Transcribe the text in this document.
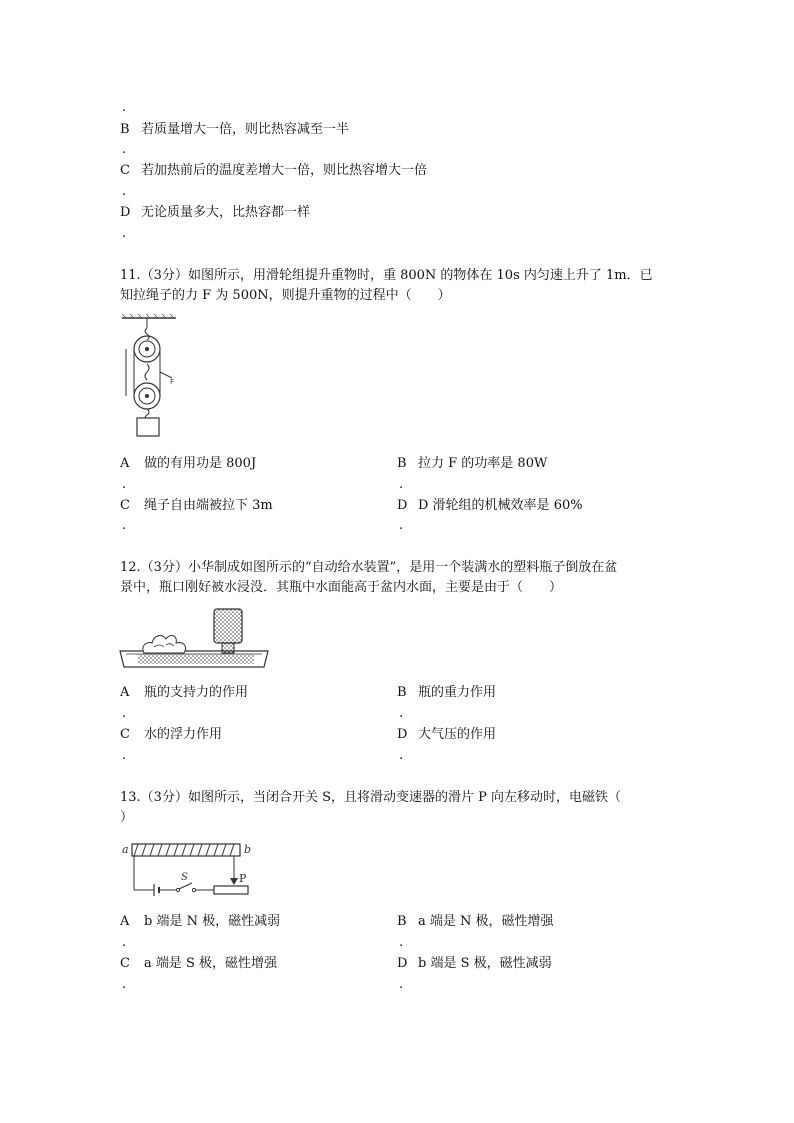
.
B 若质量增大一倍，则比热容减至一半
.
C 若加热前后的温度差增大一倍，则比热容增大一倍
.
D 无论质量多大，比热容都一样
.
11.（3分）如图所示，用滑轮组提升重物时，重 800N 的物体在 10s 内匀速上升了 1m．已
知拉绳子的力 F 为 500N，则提升重物的过程中（　　）
F
A 做的有用功是 800J	B 拉力 F 的功率是 80W
.	.
C 绳子自由端被拉下 3m	D D 滑轮组的机械效率是 60%
.	.
12.（3分）小华制成如图所示的“自动给水装置”，是用一个装满水的塑料瓶子倒放在盆
景中，瓶口刚好被水浸没．其瓶中水面能高于盆内水面，主要是由于（　　）
A 瓶的支持力的作用	B 瓶的重力作用
.	.
C 水的浮力作用	D 大气压的作用
.	.
13.（3分）如图所示，当闭合开关 S，且将滑动变速器的滑片 P 向左移动时，电磁铁（
）
a	b
S	P
A b 端是 N 极，磁性减弱	B a 端是 N 极，磁性增强
.	.
C a 端是 S 极，磁性增强	D b 端是 S 极，磁性减弱
.	.
